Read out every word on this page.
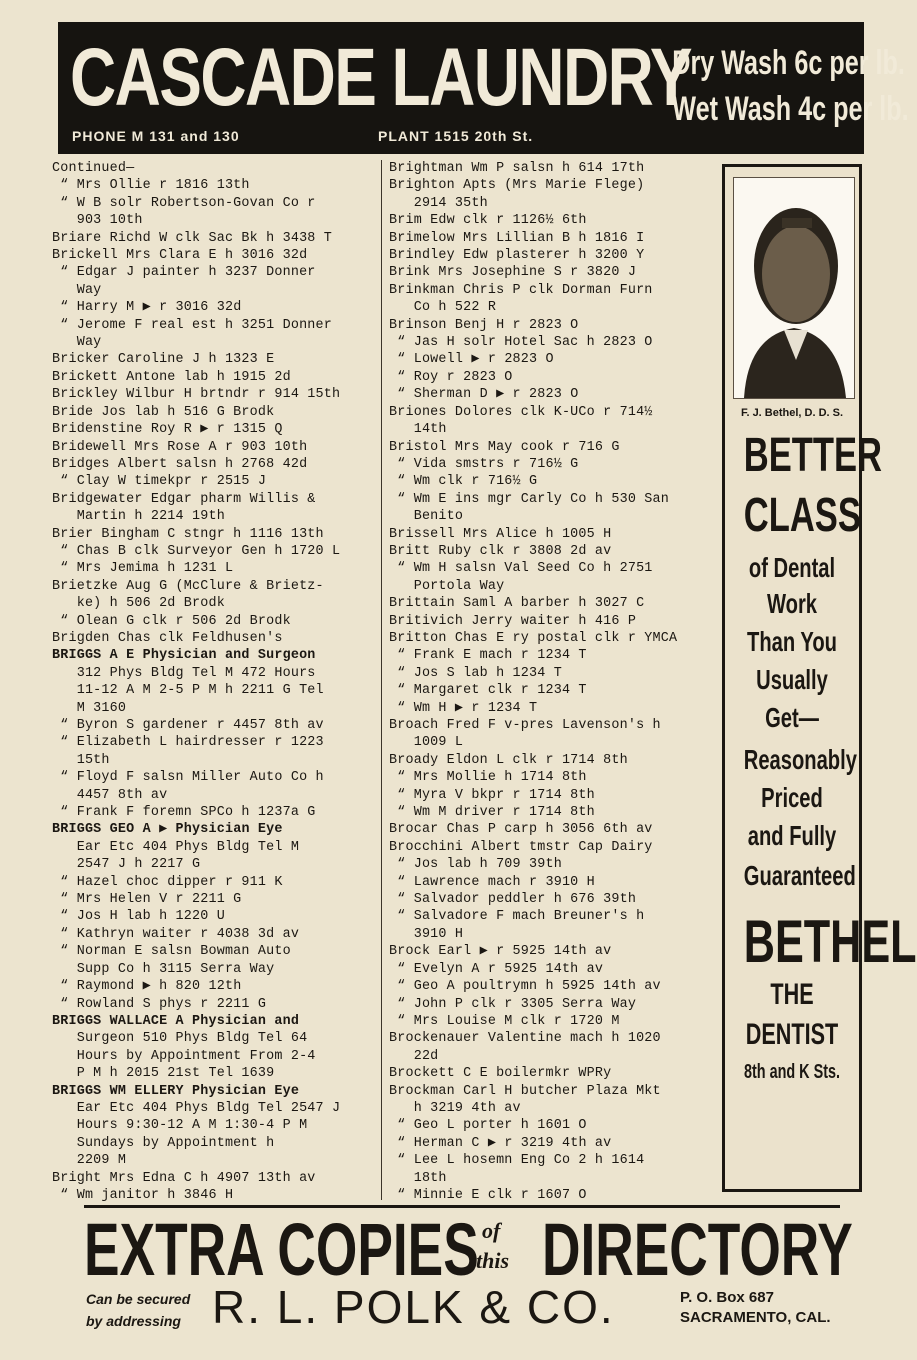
CASCADE LAUNDRY
PHONE M 131 and 130	PLANT 1515 20th St.
Dry Wash 6c per lb.
Wet Wash 4c per lb.
Continued—
“ Mrs Ollie r 1816 13th
“ W B solr Robertson-Govan Co r
903 10th
Briare Richd W clk Sac Bk h 3438 T
Brickell Mrs Clara E h 3016 32d
“ Edgar J painter h 3237 Donner
Way
“ Harry M ▶ r 3016 32d
“ Jerome F real est h 3251 Donner
Way
Bricker Caroline J h 1323 E
Brickett Antone lab h 1915 2d
Brickley Wilbur H brtndr r 914 15th
Bride Jos lab h 516 G Brodk
Bridenstine Roy R ▶ r 1315 Q
Bridewell Mrs Rose A r 903 10th
Bridges Albert salsn h 2768 42d
“ Clay W timekpr r 2515 J
Bridgewater Edgar pharm Willis &
Martin h 2214 19th
Brier Bingham C stngr h 1116 13th
“ Chas B clk Surveyor Gen h 1720 L
“ Mrs Jemima h 1231 L
Brietzke Aug G (McClure & Brietz-
ke) h 506 2d Brodk
“ Olean G clk r 506 2d Brodk
Brigden Chas clk Feldhusen's
BRIGGS A E Physician and Surgeon
312 Phys Bldg Tel M 472 Hours
11-12 A M 2-5 P M h 2211 G Tel
M 3160
“ Byron S gardener r 4457 8th av
“ Elizabeth L hairdresser r 1223
15th
“ Floyd F salsn Miller Auto Co h
4457 8th av
“ Frank F foremn SPCo h 1237a G
BRIGGS GEO A ▶ Physician Eye
Ear Etc 404 Phys Bldg Tel M
2547 J h 2217 G
“ Hazel choc dipper r 911 K
“ Mrs Helen V r 2211 G
“ Jos H lab h 1220 U
“ Kathryn waiter r 4038 3d av
“ Norman E salsn Bowman Auto
Supp Co h 3115 Serra Way
“ Raymond ▶ h 820 12th
“ Rowland S phys r 2211 G
BRIGGS WALLACE A Physician and
Surgeon 510 Phys Bldg Tel 64
Hours by Appointment From 2-4
P M h 2015 21st Tel 1639
BRIGGS WM ELLERY Physician Eye
Ear Etc 404 Phys Bldg Tel 2547 J
Hours 9:30-12 A M 1:30-4 P M
Sundays by Appointment h
2209 M
Bright Mrs Edna C h 4907 13th av
“ Wm janitor h 3846 H
Brightman Wm P salsn h 614 17th
Brighton Apts (Mrs Marie Flege)
2914 35th
Brim Edw clk r 1126½ 6th
Brimelow Mrs Lillian B h 1816 I
Brindley Edw plasterer h 3200 Y
Brink Mrs Josephine S r 3820 J
Brinkman Chris P clk Dorman Furn
Co h 522 R
Brinson Benj H r 2823 O
“ Jas H solr Hotel Sac h 2823 O
“ Lowell ▶ r 2823 O
“ Roy r 2823 O
“ Sherman D ▶ r 2823 O
Briones Dolores clk K-UCo r 714½
14th
Bristol Mrs May cook r 716 G
“ Vida smstrs r 716½ G
“ Wm clk r 716½ G
“ Wm E ins mgr Carly Co h 530 San
Benito
Brissell Mrs Alice h 1005 H
Britt Ruby clk r 3808 2d av
“ Wm H salsn Val Seed Co h 2751
Portola Way
Brittain Saml A barber h 3027 C
Britivich Jerry waiter h 416 P
Britton Chas E ry postal clk r YMCA
“ Frank E mach r 1234 T
“ Jos S lab h 1234 T
“ Margaret clk r 1234 T
“ Wm H ▶ r 1234 T
Broach Fred F v-pres Lavenson's h
1009 L
Broady Eldon L clk r 1714 8th
“ Mrs Mollie h 1714 8th
“ Myra V bkpr r 1714 8th
“ Wm M driver r 1714 8th
Brocar Chas P carp h 3056 6th av
Brocchini Albert tmstr Cap Dairy
“ Jos lab h 709 39th
“ Lawrence mach r 3910 H
“ Salvador peddler h 676 39th
“ Salvadore F mach Breuner's h
3910 H
Brock Earl ▶ r 5925 14th av
“ Evelyn A r 5925 14th av
“ Geo A poultrymn h 5925 14th av
“ John P clk r 3305 Serra Way
“ Mrs Louise M clk r 1720 M
Brockenauer Valentine mach h 1020
22d
Brockett C E boilermkr WPRy
Brockman Carl H butcher Plaza Mkt
h 3219 4th av
“ Geo L porter h 1601 O
“ Herman C ▶ r 3219 4th av
“ Lee L hosemn Eng Co 2 h 1614
18th
“ Minnie E clk r 1607 O
F. J. Bethel, D. D. S.
BETTER
CLASS
of Dental
Work
Than You
Usually
Get—
Reasonably
Priced
and Fully
Guaranteed
BETHEL
THE
DENTIST
8th and K Sts.
EXTRA COPIES of
this DIRECTORY
Can be secured
by addressing R. L. POLK & CO.	P. O. Box 687
SACRAMENTO, CAL.
